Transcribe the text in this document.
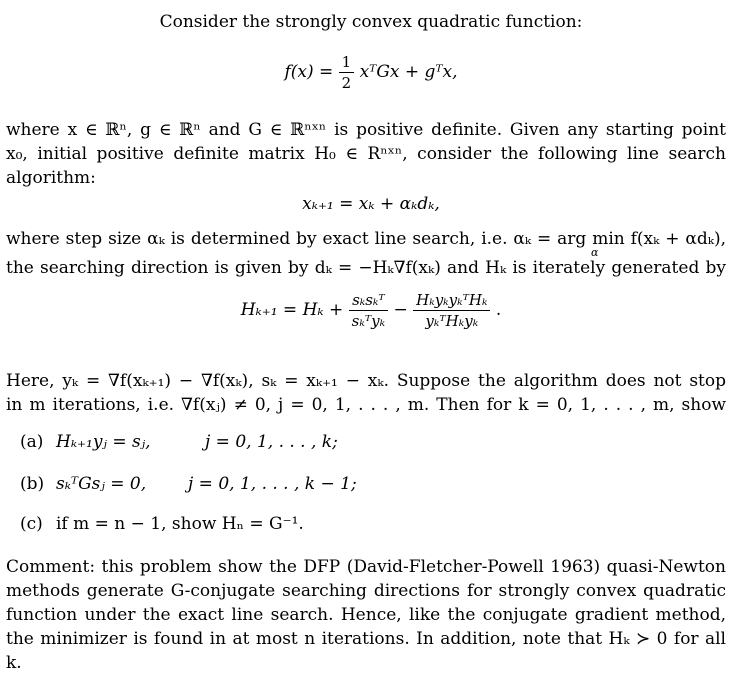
Consider the strongly convex quadratic function:
$f(x) = \frac{1}{2}$ xᵀGx + gᵀx,
where x ∈ ℝⁿ, g ∈ ℝⁿ and G ∈ ℝⁿˣⁿ is positive definite. Given any starting point
x₀, initial positive definite matrix H₀ ∈ Rⁿˣⁿ, consider the following line search
algorithm:
xₖ₊₁ = xₖ + αₖdₖ,
where step size αₖ is determined by exact line search, i.e. αₖ = arg min f(xₖ + αdₖ),
α
the searching direction is given by dₖ = −Hₖ∇f(xₖ) and Hₖ is iterately generated by
$H_{k+1} = H_k + \frac{\text{sₖsₖᵀ}}{\text{sₖᵀyₖ}} - \frac{\text{HₖyₖyₖᵀHₖ}}{\text{yₖᵀHₖyₖ}}$ .
Here, yₖ = ∇f(xₖ₊₁) − ∇f(xₖ), sₖ = xₖ₊₁ − xₖ. Suppose the algorithm does not stop
in m iterations, i.e. ∇f(xⱼ) ≠ 0, j = 0, 1, . . . , m. Then for k = 0, 1, . . . , m, show
(a) Hₖ₊₁yⱼ = sⱼ,	j = 0, 1, . . . , k;
(b) sₖᵀGsⱼ = 0, j = 0, 1, . . . , k − 1;
(c) if m = n − 1, show Hₙ = G⁻¹.
Comment: this problem show the DFP (David-Fletcher-Powell 1963) quasi-Newton
methods generate G-conjugate searching directions for strongly convex quadratic
function under the exact line search. Hence, like the conjugate gradient method,
the minimizer is found in at most n iterations. In addition, note that Hₖ ≻ 0 for all
k.
